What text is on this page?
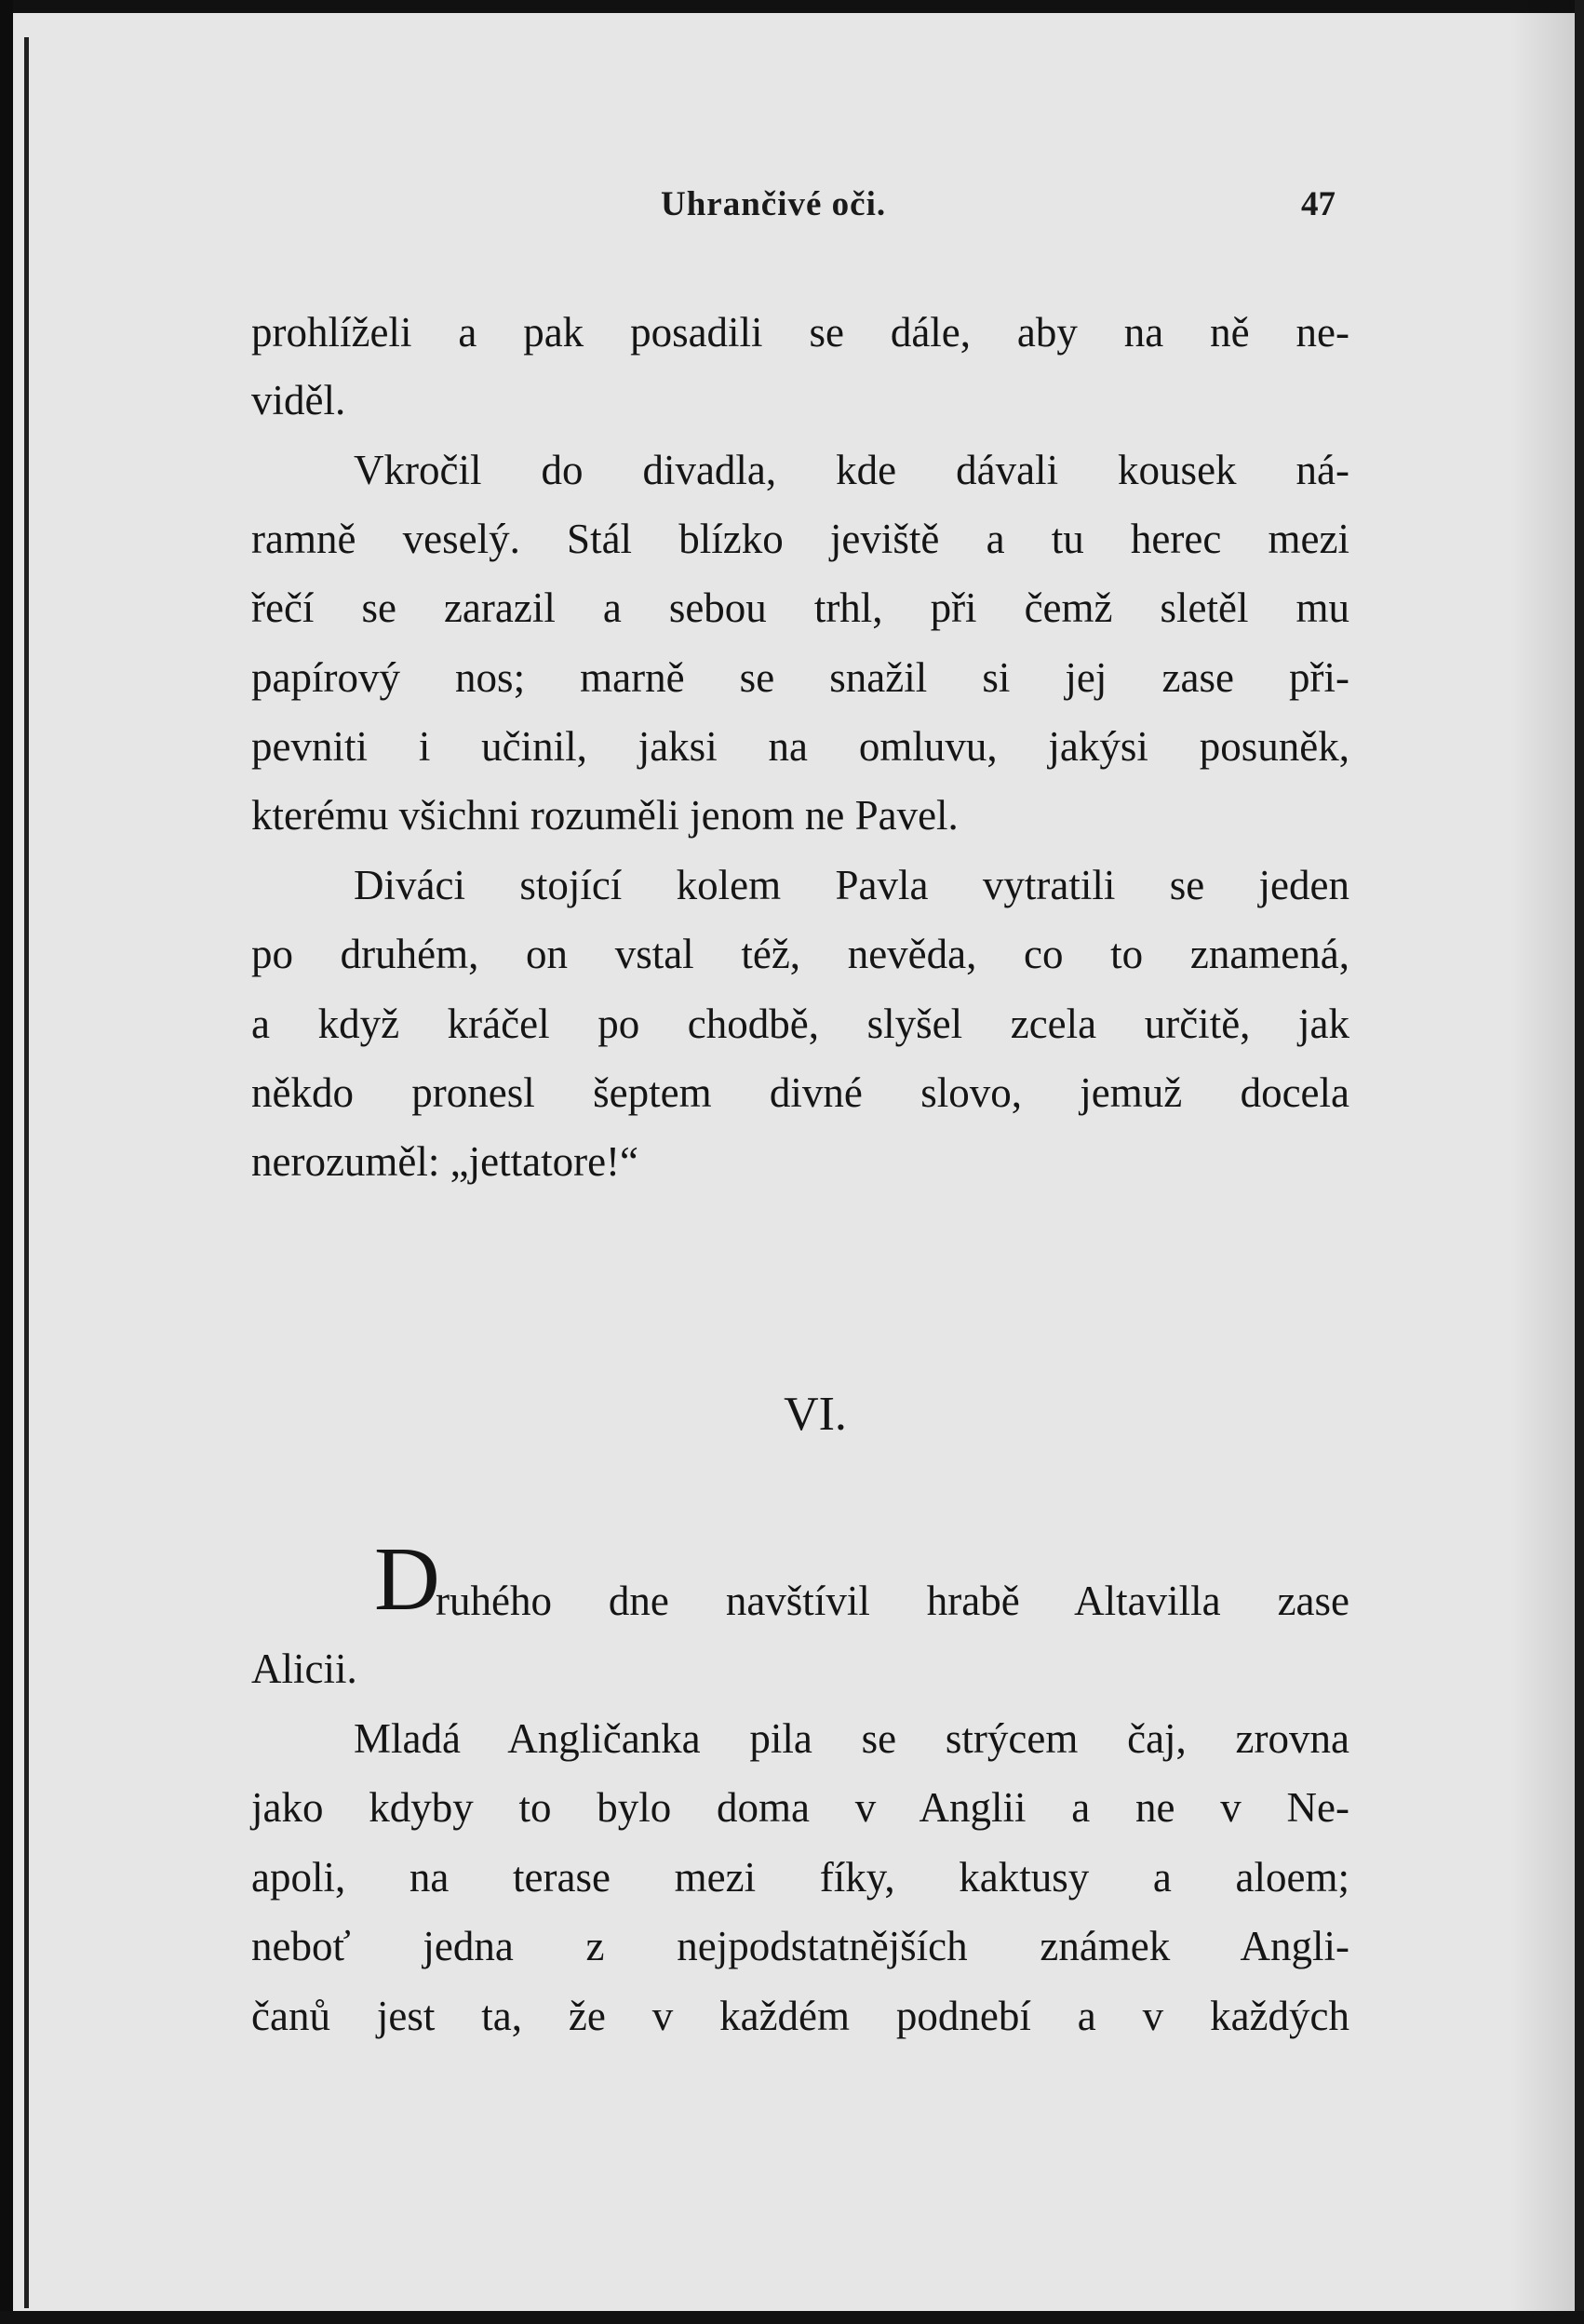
Uhrančivé oči.	47
prohlíželi a pak posadili se dále, aby na ně ne-
viděl.
Vkročil do divadla, kde dávali kousek ná-
ramně veselý. Stál blízko jeviště a tu herec mezi
řečí se zarazil a sebou trhl, při čemž sletěl mu
papírový nos; marně se snažil si jej zase při-
pevniti i učinil, jaksi na omluvu, jakýsi posuněk,
kterému všichni rozuměli jenom ne Pavel.
Diváci stojící kolem Pavla vytratili se jeden
po druhém, on vstal též, nevěda, co to znamená,
a když kráčel po chodbě, slyšel zcela určitě, jak
někdo pronesl šeptem divné slovo, jemuž docela
nerozuměl: „jettatore!“
VI.
D
ruhého dne navštívil hrabě Altavilla zase
Alicii.
Mladá Angličanka pila se strýcem čaj, zrovna
jako kdyby to bylo doma v Anglii a ne v Ne-
apoli, na terase mezi fíky, kaktusy a aloem;
neboť jedna z nejpodstatnějších známek Angli-
čanů jest ta, že v každém podnebí a v každých
